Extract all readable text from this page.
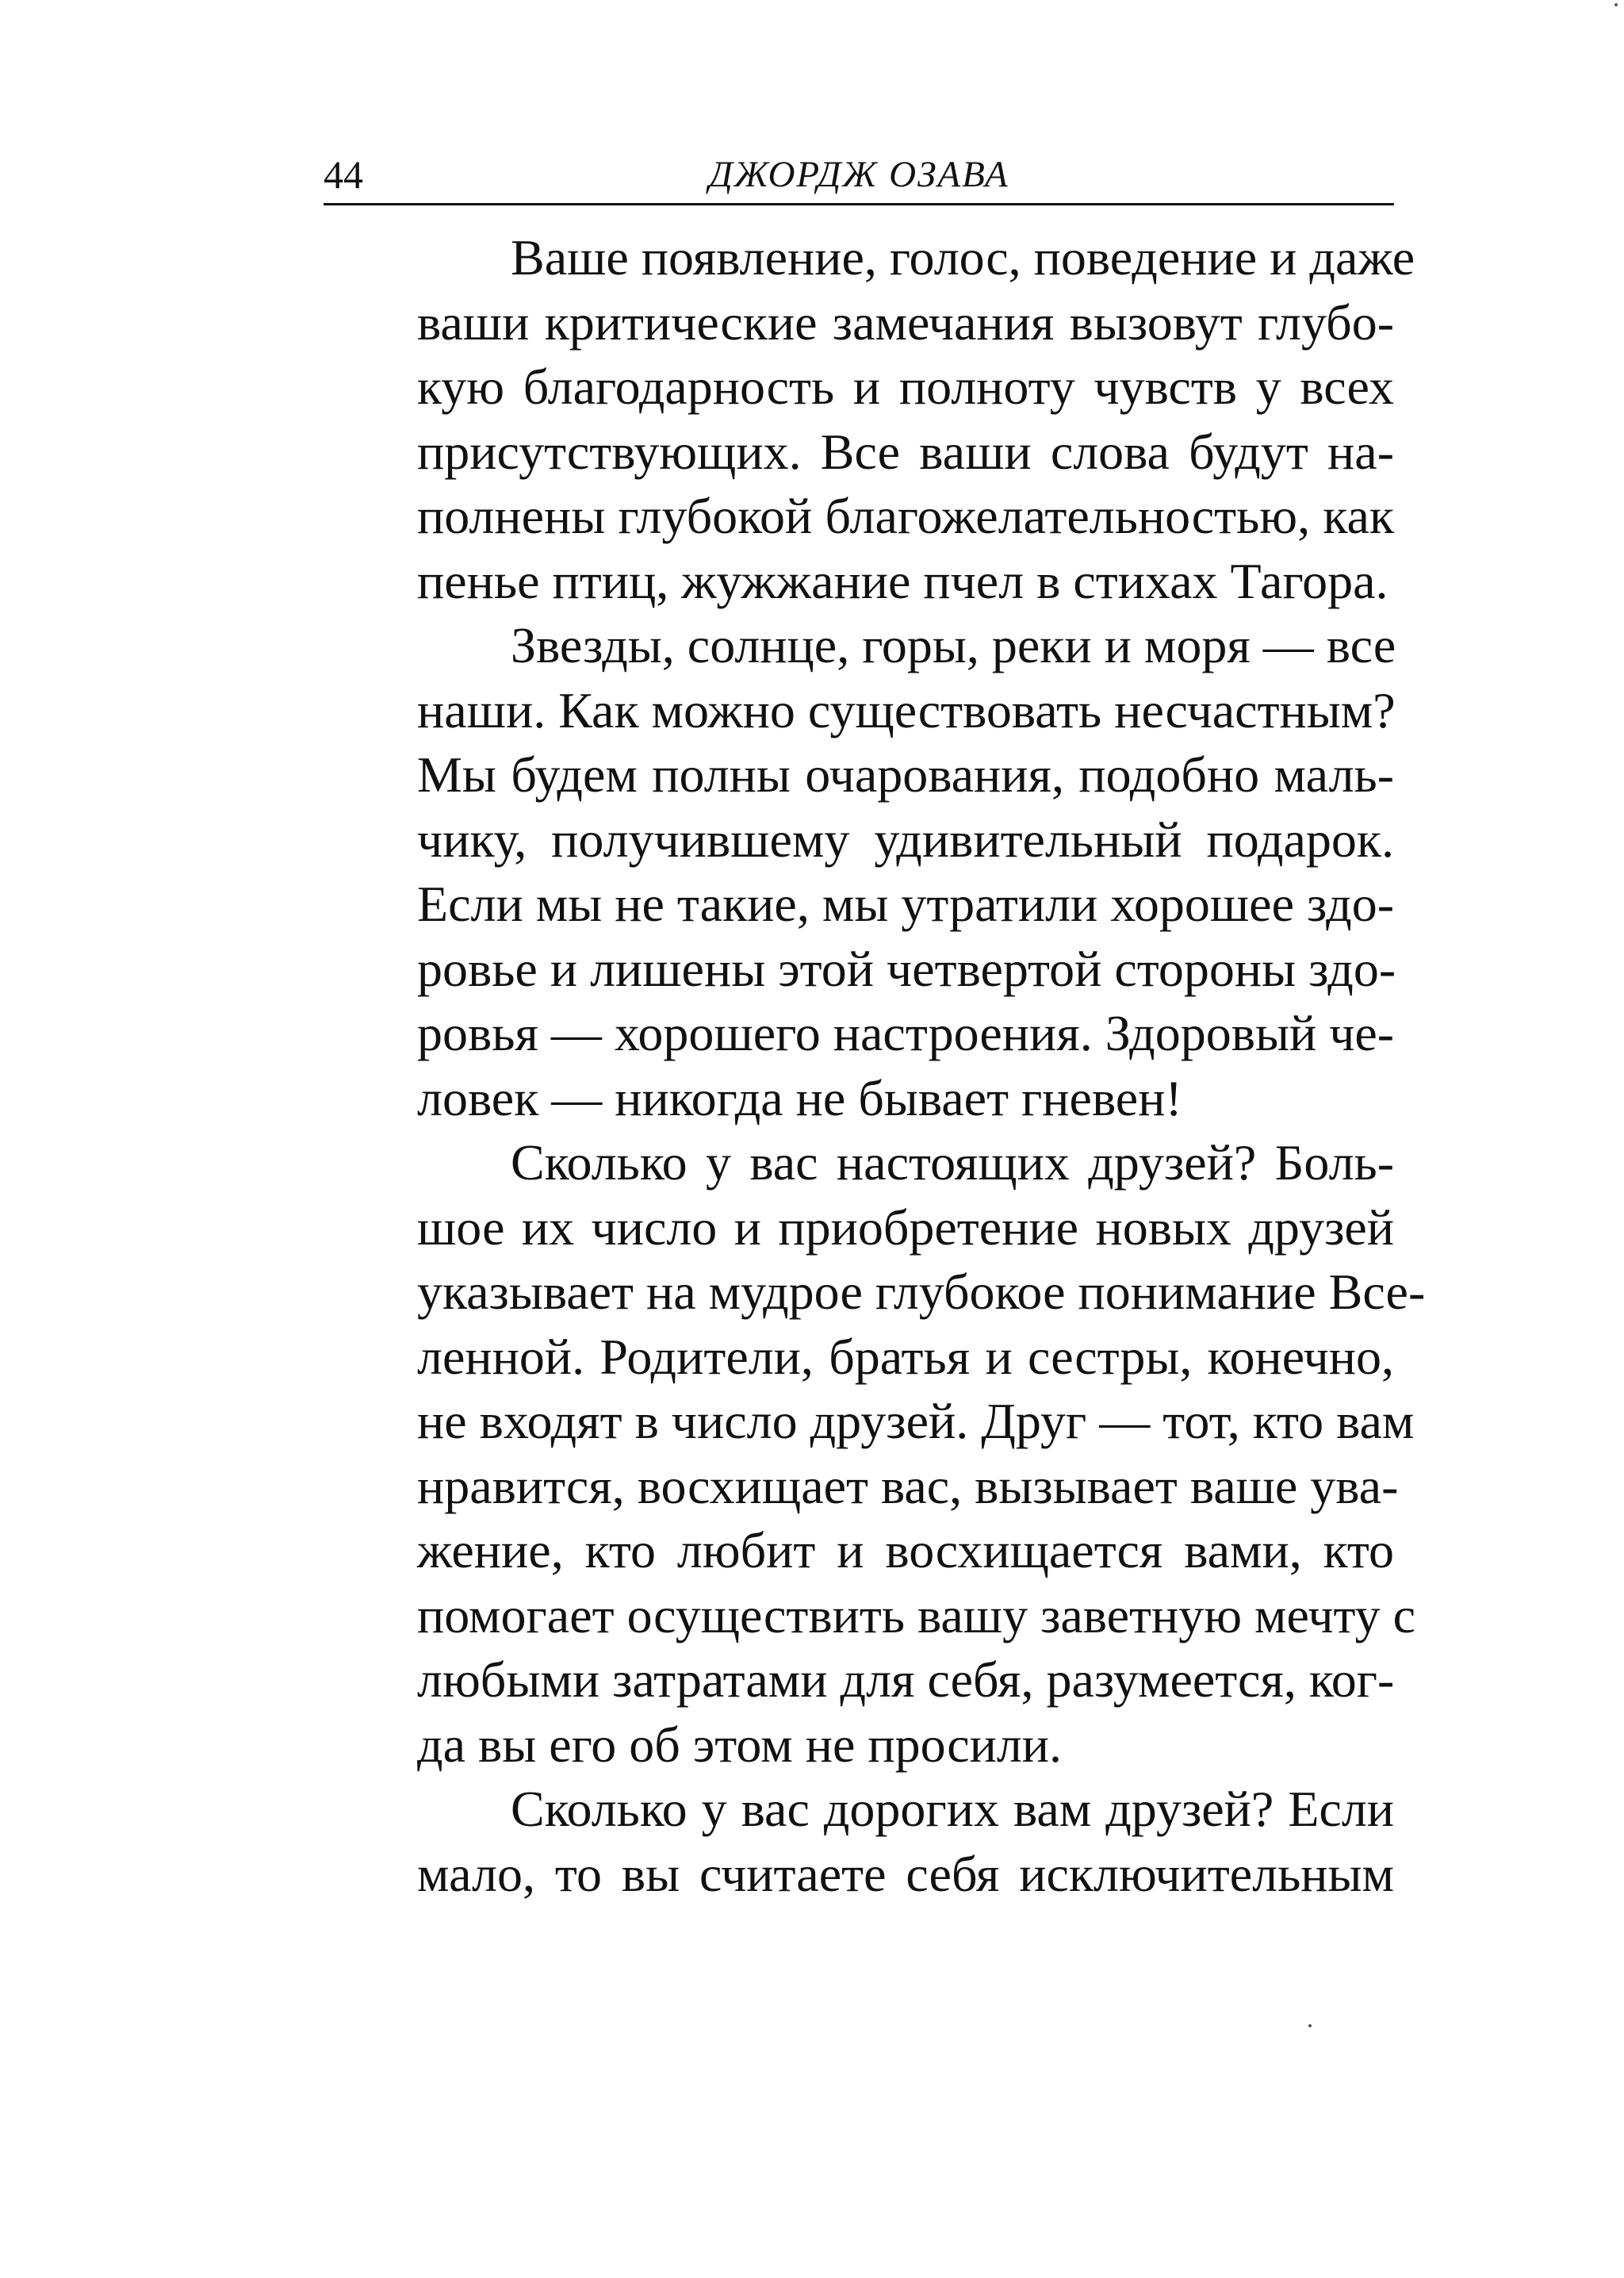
44	ДЖОРДЖ ОЗАВА
Ваше появление, голос, поведение и даже
ваши критические замечания вызовут глубо-
кую благодарность и полноту чувств у всех
присутствующих. Все ваши слова будут на-
полнены глубокой благожелательностью, как
пенье птиц, жужжание пчел в стихах Тагора.
Звезды, солнце, горы, реки и моря — все
наши. Как можно существовать несчастным?
Мы будем полны очарования, подобно маль-
чику, получившему удивительный подарок.
Если мы не такие, мы утратили хорошее здо-
ровье и лишены этой четвертой стороны здо-
ровья — хорошего настроения. Здоровый че-
ловек — никогда не бывает гневен!
Сколько у вас настоящих друзей? Боль-
шое их число и приобретение новых друзей
указывает на мудрое глубокое понимание Все-
ленной. Родители, братья и сестры, конечно,
не входят в число друзей. Друг — тот, кто вам
нравится, восхищает вас, вызывает ваше ува-
жение, кто любит и восхищается вами, кто
помогает осуществить вашу заветную мечту с
любыми затратами для себя, разумеется, ког-
да вы его об этом не просили.
Сколько у вас дорогих вам друзей? Если
мало, то вы считаете себя исключительным
